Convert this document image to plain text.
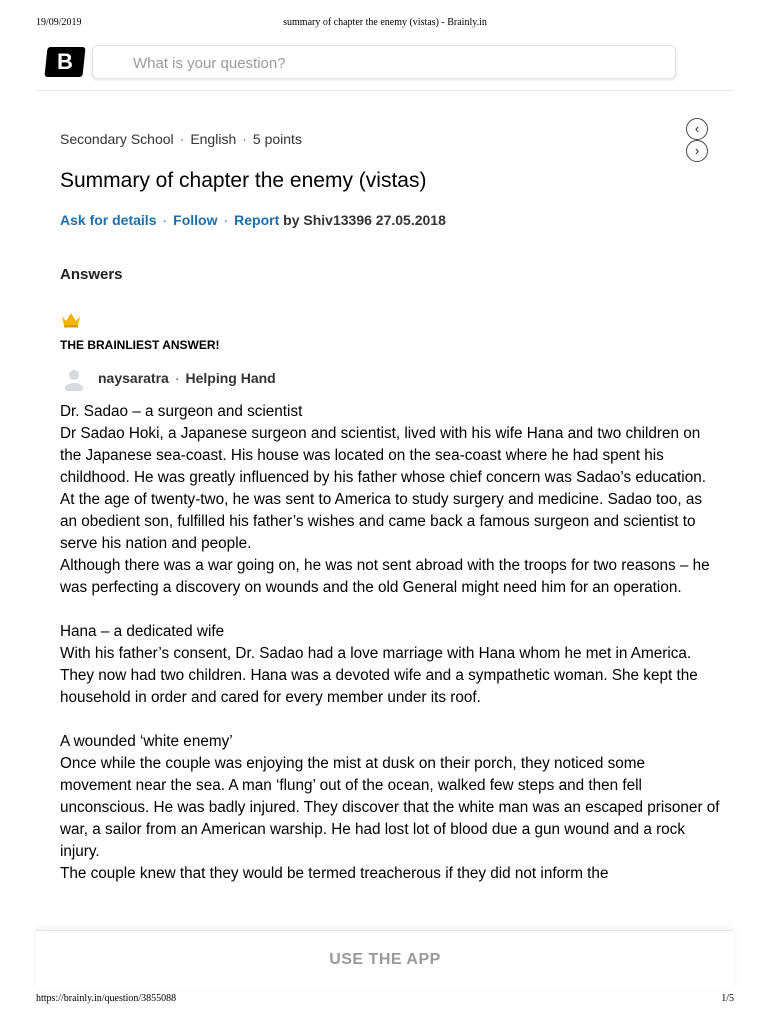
19/09/2019	summary of chapter the enemy (vistas) - Brainly.in
B
What is your question?
Secondary School · English · 5 points
‹
›
Summary of chapter the enemy (vistas)
Ask for details · Follow · Report by Shiv13396 27.05.2018
Answers
THE BRAINLIEST ANSWER!
naysaratra · Helping Hand

Dr. Sadao – a surgeon and scientist

Dr Sadao Hoki, a Japanese surgeon and scientist, lived with his wife Hana and two children on the Japanese sea-coast. His house was located on the sea-coast where he had spent his childhood. He was greatly influenced by his father whose chief concern was Sadao’s education. At the age of twenty-two, he was sent to America to study surgery and medicine. Sadao too, as an obedient son, fulfilled his father’s wishes and came back a famous surgeon and scientist to serve his nation and people.

Although there was a war going on, he was not sent abroad with the troops for two reasons – he was perfecting a discovery on wounds and the old General might need him for an operation.

Hana – a dedicated wife

With his father’s consent, Dr. Sadao had a love marriage with Hana whom he met in America. They now had two children. Hana was a devoted wife and a sympathetic woman. She kept the household in order and cared for every member under its roof.

A wounded ‘white enemy’

Once while the couple was enjoying the mist at dusk on their porch, they noticed some movement near the sea. A man ‘flung’ out of the ocean, walked few steps and then fell unconscious. He was badly injured. They discover that the white man was an escaped prisoner of war, a sailor from an American warship. He had lost lot of blood due a gun wound and a rock injury.

The couple knew that they would be termed treacherous if they did not inform the

USE THE APP
https://brainly.in/question/3855088	1/5
